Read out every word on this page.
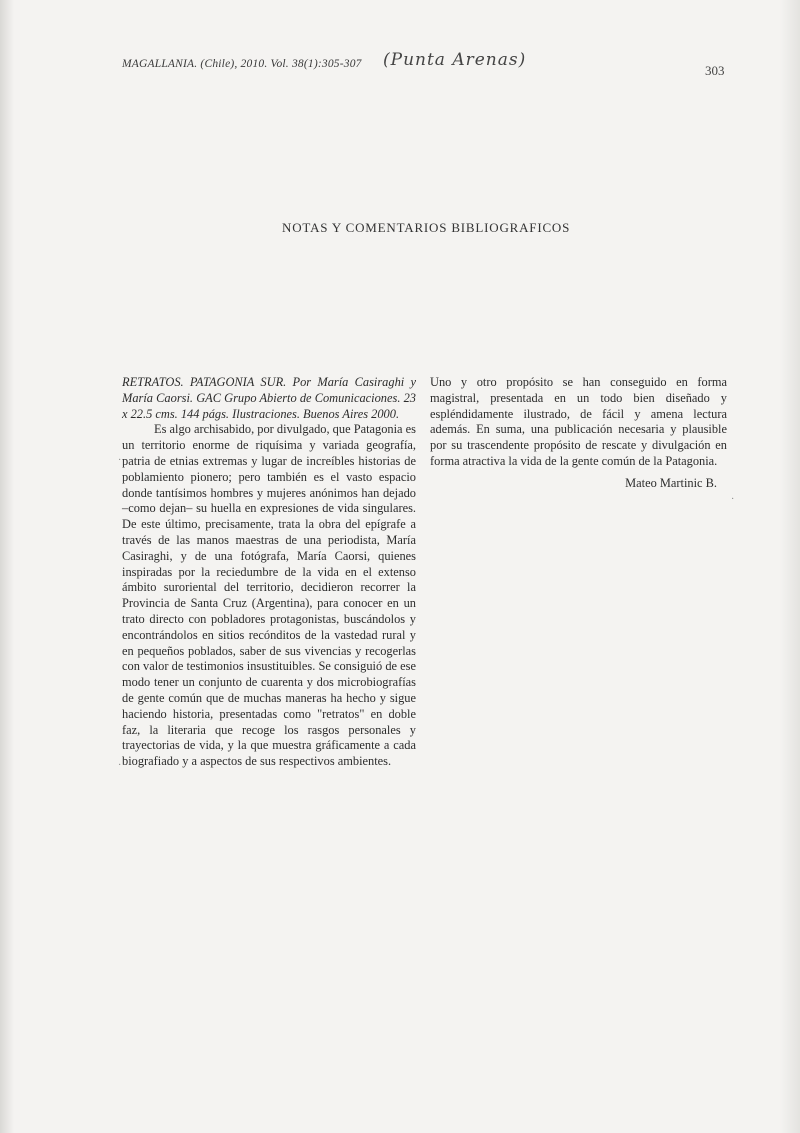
MAGALLANIA. (Chile), 2010. Vol. 38(1):305-307 (Punta Arenas)
303
NOTAS Y COMENTARIOS BIBLIOGRAFICOS

RETRATOS. PATAGONIA SUR. Por María Casiraghi y María Caorsi. GAC Grupo Abierto de Comunicaciones. 23 x 22.5 cms. 144 págs. Ilustraciones. Buenos Aires 2000.

Es algo archisabido, por divulgado, que Patagonia es un territorio enorme de riquísima y variada geografía, patria de etnias extremas y lugar de increíbles historias de poblamiento pionero; pero también es el vasto espacio donde tantísimos hombres y mujeres anónimos han dejado –como dejan– su huella en expresiones de vida singulares. De este último, precisamente, trata la obra del epígrafe a través de las manos maestras de una periodista, María Casiraghi, y de una fotógrafa, María Caorsi, quienes inspiradas por la reciedumbre de la vida en el extenso ámbito suroriental del territorio, decidieron recorrer la Provincia de Santa Cruz (Argentina), para conocer en un trato directo con pobladores protagonistas, buscándolos y encontrándolos en sitios recónditos de la vastedad rural y en pequeños poblados, saber de sus vivencias y recogerlas con valor de testimonios insustituibles. Se consiguió de ese modo tener un conjunto de cuarenta y dos microbiografías de gente común que de muchas maneras ha hecho y sigue haciendo historia, presentadas como "retratos" en doble faz, la literaria que recoge los rasgos personales y trayectorias de vida, y la que muestra gráficamente a cada biografiado y a aspectos de sus respectivos ambientes.

Uno y otro propósito se han conseguido en forma magistral, presentada en un todo bien diseñado y espléndidamente ilustrado, de fácil y amena lectura además. En suma, una publicación necesaria y plausible por su trascendente propósito de rescate y divulgación en forma atractiva la vida de la gente común de la Patagonia.

Mateo Martinic B.

·
·
·
